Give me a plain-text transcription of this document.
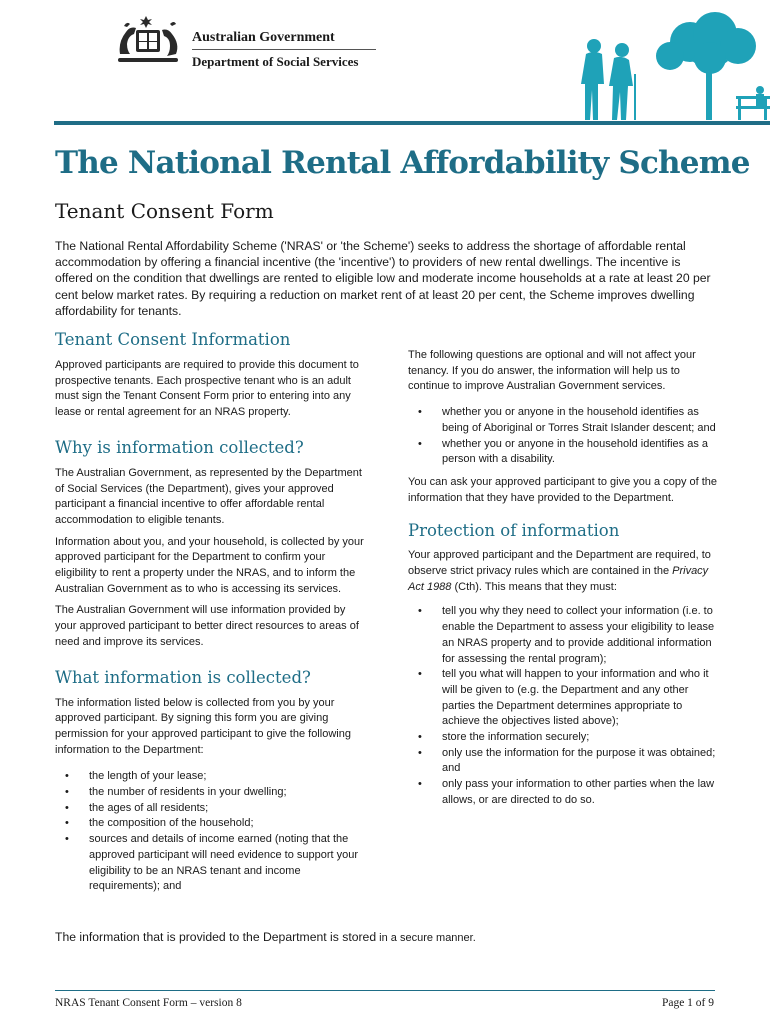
Australian Government
Department of Social Services
The National Rental Affordability Scheme
Tenant Consent Form

The National Rental Affordability Scheme ('NRAS' or 'the Scheme') seeks to address the shortage of affordable rental accommodation by offering a financial incentive (the 'incentive') to providers of new rental dwellings. The incentive is offered on the condition that dwellings are rented to eligible low and moderate income households at a rate at least 20 per cent below market rates. By requiring a reduction on market rent of at least 20 per cent, the Scheme improves dwelling affordability for tenants.

Tenant Consent Information

Approved participants are required to provide this document to prospective tenants. Each prospective tenant who is an adult must sign the Tenant Consent Form prior to entering into any lease or rental agreement for an NRAS property.

Why is information collected?

The Australian Government, as represented by the Department of Social Services (the Department), gives your approved participant a financial incentive to offer affordable rental accommodation to eligible tenants.

Information about you, and your household, is collected by your approved participant for the Department to confirm your eligibility to rent a property under the NRAS, and to inform the Australian Government as to who is accessing its services.

The Australian Government will use information provided by your approved participant to better direct resources to areas of need and improve its services.

What information is collected?

The information listed below is collected from you by your approved participant. By signing this form you are giving permission for your approved participant to give the following information to the Department:

• the length of your lease;
• the number of residents in your dwelling;
• the ages of all residents;
• the composition of the household;
• sources and details of income earned (noting that the approved participant will need evidence to support your eligibility to be an NRAS tenant and income requirements); and

The following questions are optional and will not affect your tenancy. If you do answer, the information will help us to continue to improve Australian Government services.

• whether you or anyone in the household identifies as being of Aboriginal or Torres Strait Islander descent; and
• whether you or anyone in the household identifies as a person with a disability.

You can ask your approved participant to give you a copy of the information that they have provided to the Department.

Protection of information

Your approved participant and the Department are required, to observe strict privacy rules which are contained in the Privacy Act 1988 (Cth). This means that they must:

• tell you why they need to collect your information (i.e. to enable the Department to assess your eligibility to lease an NRAS property and to provide additional information for assessing the rental program);
• tell you what will happen to your information and who it will be given to (e.g. the Department and any other parties the Department determines appropriate to achieve the objectives listed above);
• store the information securely;
• only use the information for the purpose it was obtained; and
• only pass your information to other parties when the law allows, or are directed to do so.
The information that is provided to the Department is stored in a secure manner.
NRAS Tenant Consent Form – version 8	Page 1 of 9
